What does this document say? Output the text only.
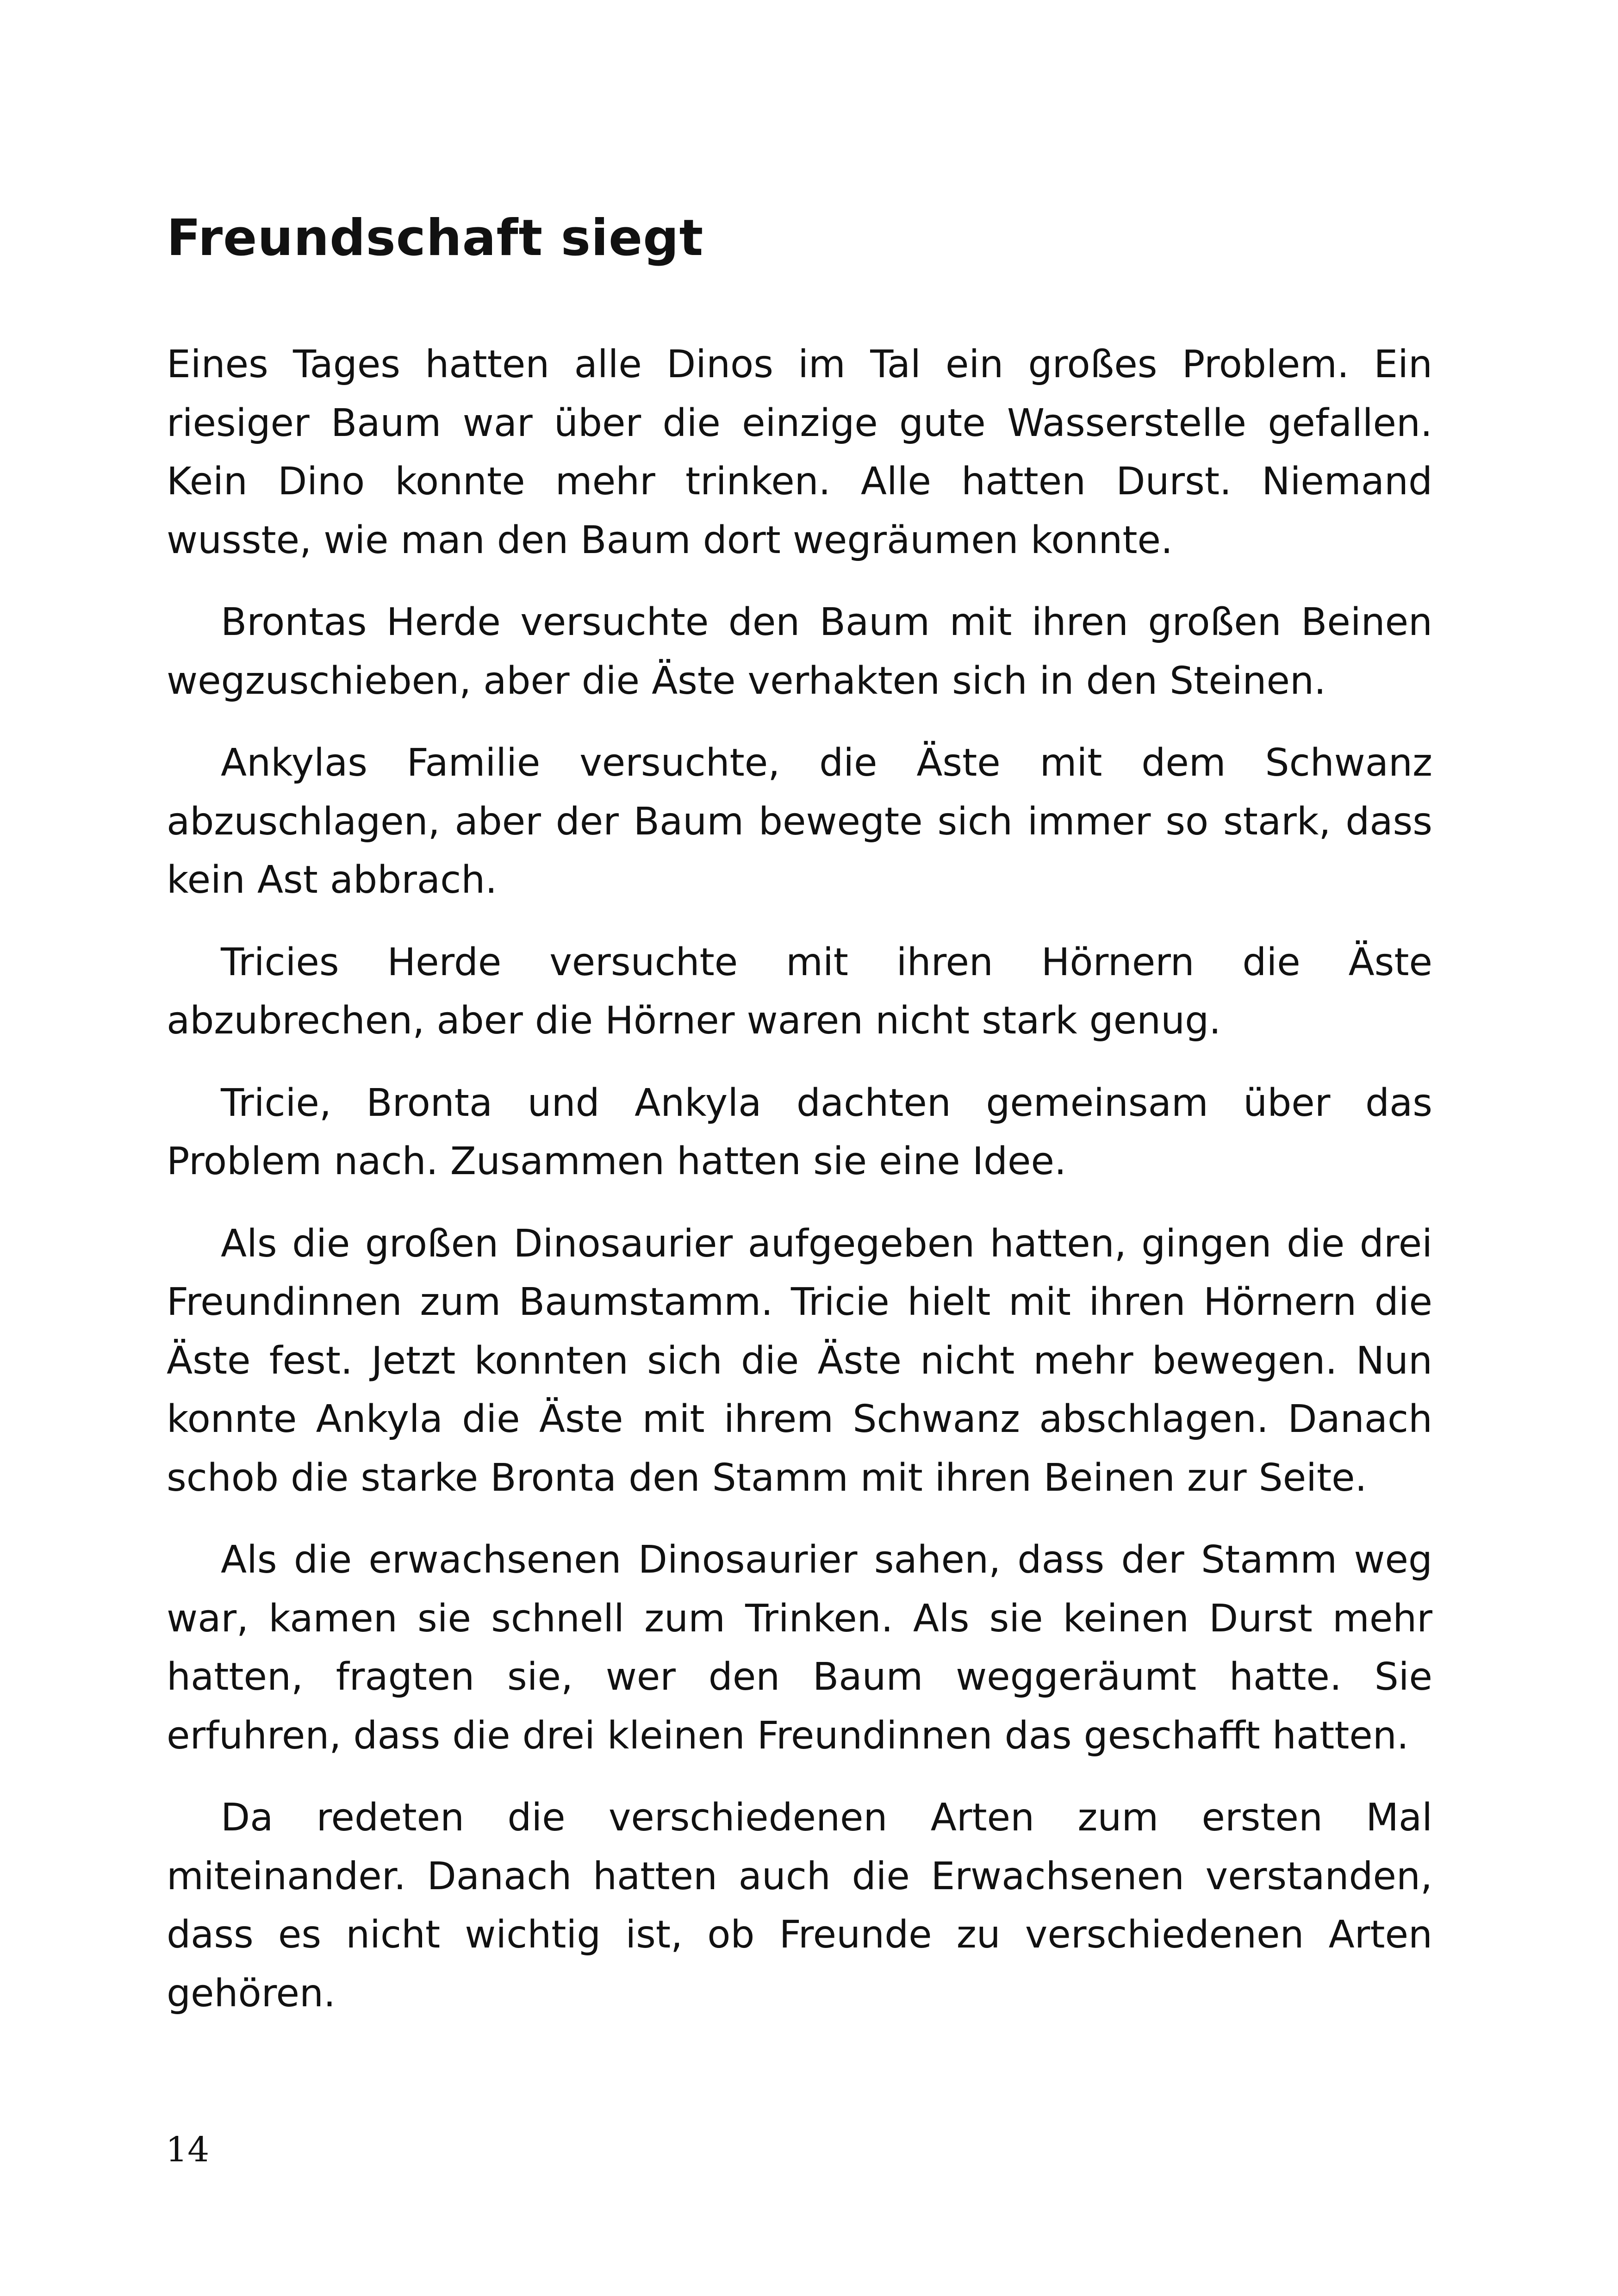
Freundschaft siegt

Eines Tages hatten alle Dinos im Tal ein großes Problem. Ein riesiger Baum war über die einzige gute Wasserstelle gefallen. Kein Dino konnte mehr trinken. Alle hatten Durst. Niemand wusste, wie man den Baum dort wegräumen konnte.

Brontas Herde versuchte den Baum mit ihren großen Beinen wegzuschieben, aber die Äste verhakten sich in den Steinen.

Ankylas Familie versuchte, die Äste mit dem Schwanz abzuschlagen, aber der Baum bewegte sich immer so stark, dass kein Ast abbrach.

Tricies Herde versuchte mit ihren Hörnern die Äste abzubrechen, aber die Hörner waren nicht stark genug.

Tricie, Bronta und Ankyla dachten gemeinsam über das Problem nach. Zusammen hatten sie eine Idee.

Als die großen Dinosaurier aufgegeben hatten, gingen die drei Freundinnen zum Baumstamm. Tricie hielt mit ihren Hörnern die Äste fest. Jetzt konnten sich die Äste nicht mehr bewegen. Nun konnte Ankyla die Äste mit ihrem Schwanz abschlagen. Danach schob die starke Bronta den Stamm mit ihren Beinen zur Seite.

Als die erwachsenen Dinosaurier sahen, dass der Stamm weg war, kamen sie schnell zum Trinken. Als sie keinen Durst mehr hatten, fragten sie, wer den Baum weggeräumt hatte. Sie erfuhren, dass die drei kleinen Freundinnen das geschafft hatten.

Da redeten die verschiedenen Arten zum ersten Mal miteinander. Danach hatten auch die Erwachsenen verstanden, dass es nicht wichtig ist, ob Freunde zu verschiedenen Arten gehören.

14
